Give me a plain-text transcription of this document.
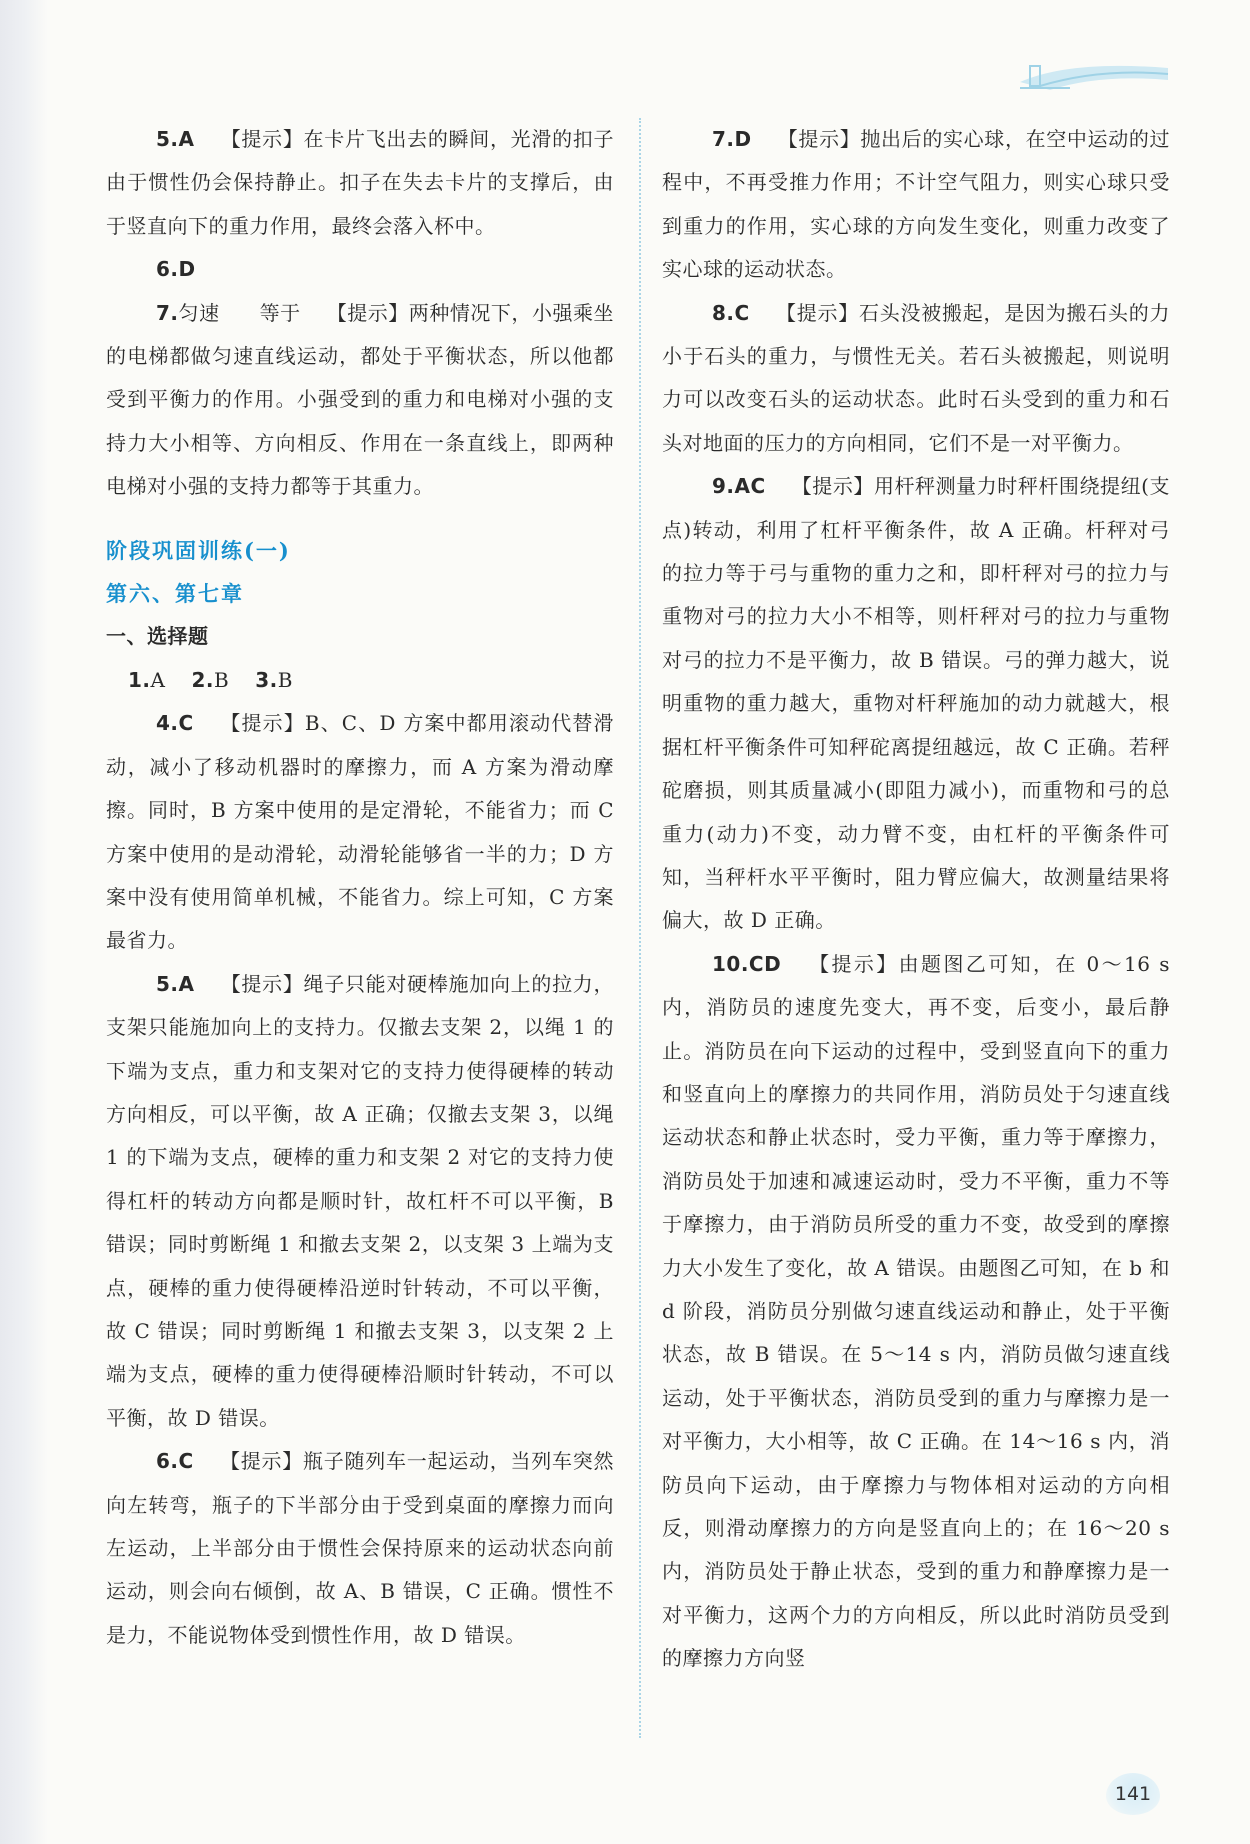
5.A 【提示】在卡片飞出去的瞬间，光滑的扣子由于惯性仍会保持静止。扣子在失去卡片的支撑后，由于竖直向下的重力作用，最终会落入杯中。

6.D

7.匀速 等于 【提示】两种情况下，小强乘坐的电梯都做匀速直线运动，都处于平衡状态，所以他都受到平衡力的作用。小强受到的重力和电梯对小强的支持力大小相等、方向相反、作用在一条直线上，即两种电梯对小强的支持力都等于其重力。

阶段巩固训练(一)

第六、第七章

一、选择题

1.A 2.B 3.B

4.C 【提示】B、C、D 方案中都用滚动代替滑动，减小了移动机器时的摩擦力，而 A 方案为滑动摩擦。同时，B 方案中使用的是定滑轮，不能省力；而 C 方案中使用的是动滑轮，动滑轮能够省一半的力；D 方案中没有使用简单机械，不能省力。综上可知，C 方案最省力。

5.A 【提示】绳子只能对硬棒施加向上的拉力，支架只能施加向上的支持力。仅撤去支架 2，以绳 1 的下端为支点，重力和支架对它的支持力使得硬棒的转动方向相反，可以平衡，故 A 正确；仅撤去支架 3，以绳 1 的下端为支点，硬棒的重力和支架 2 对它的支持力使得杠杆的转动方向都是顺时针，故杠杆不可以平衡，B 错误；同时剪断绳 1 和撤去支架 2，以支架 3 上端为支点，硬棒的重力使得硬棒沿逆时针转动，不可以平衡，故 C 错误；同时剪断绳 1 和撤去支架 3，以支架 2 上端为支点，硬棒的重力使得硬棒沿顺时针转动，不可以平衡，故 D 错误。

6.C 【提示】瓶子随列车一起运动，当列车突然向左转弯，瓶子的下半部分由于受到桌面的摩擦力而向左运动，上半部分由于惯性会保持原来的运动状态向前运动，则会向右倾倒，故 A、B 错误，C 正确。惯性不是力，不能说物体受到惯性作用，故 D 错误。

7.D 【提示】抛出后的实心球，在空中运动的过程中，不再受推力作用；不计空气阻力，则实心球只受到重力的作用，实心球的方向发生变化，则重力改变了实心球的运动状态。

8.C 【提示】石头没被搬起，是因为搬石头的力小于石头的重力，与惯性无关。若石头被搬起，则说明力可以改变石头的运动状态。此时石头受到的重力和石头对地面的压力的方向相同，它们不是一对平衡力。

9.AC 【提示】用杆秤测量力时秤杆围绕提纽(支点)转动，利用了杠杆平衡条件，故 A 正确。杆秤对弓的拉力等于弓与重物的重力之和，即杆秤对弓的拉力与重物对弓的拉力大小不相等，则杆秤对弓的拉力与重物对弓的拉力不是平衡力，故 B 错误。弓的弹力越大，说明重物的重力越大，重物对杆秤施加的动力就越大，根据杠杆平衡条件可知秤砣离提纽越远，故 C 正确。若秤砣磨损，则其质量减小(即阻力减小)，而重物和弓的总重力(动力)不变，动力臂不变，由杠杆的平衡条件可知，当秤杆水平平衡时，阻力臂应偏大，故测量结果将偏大，故 D 正确。

10.CD 【提示】由题图乙可知，在 0～16 s 内，消防员的速度先变大，再不变，后变小，最后静止。消防员在向下运动的过程中，受到竖直向下的重力和竖直向上的摩擦力的共同作用，消防员处于匀速直线运动状态和静止状态时，受力平衡，重力等于摩擦力，消防员处于加速和减速运动时，受力不平衡，重力不等于摩擦力，由于消防员所受的重力不变，故受到的摩擦力大小发生了变化，故 A 错误。由题图乙可知，在 b 和 d 阶段，消防员分别做匀速直线运动和静止，处于平衡状态，故 B 错误。在 5～14 s 内，消防员做匀速直线运动，处于平衡状态，消防员受到的重力与摩擦力是一对平衡力，大小相等，故 C 正确。在 14～16 s 内，消防员向下运动，由于摩擦力与物体相对运动的方向相反，则滑动摩擦力的方向是竖直向上的；在 16～20 s 内，消防员处于静止状态，受到的重力和静摩擦力是一对平衡力，这两个力的方向相反，所以此时消防员受到的摩擦力方向竖

141
